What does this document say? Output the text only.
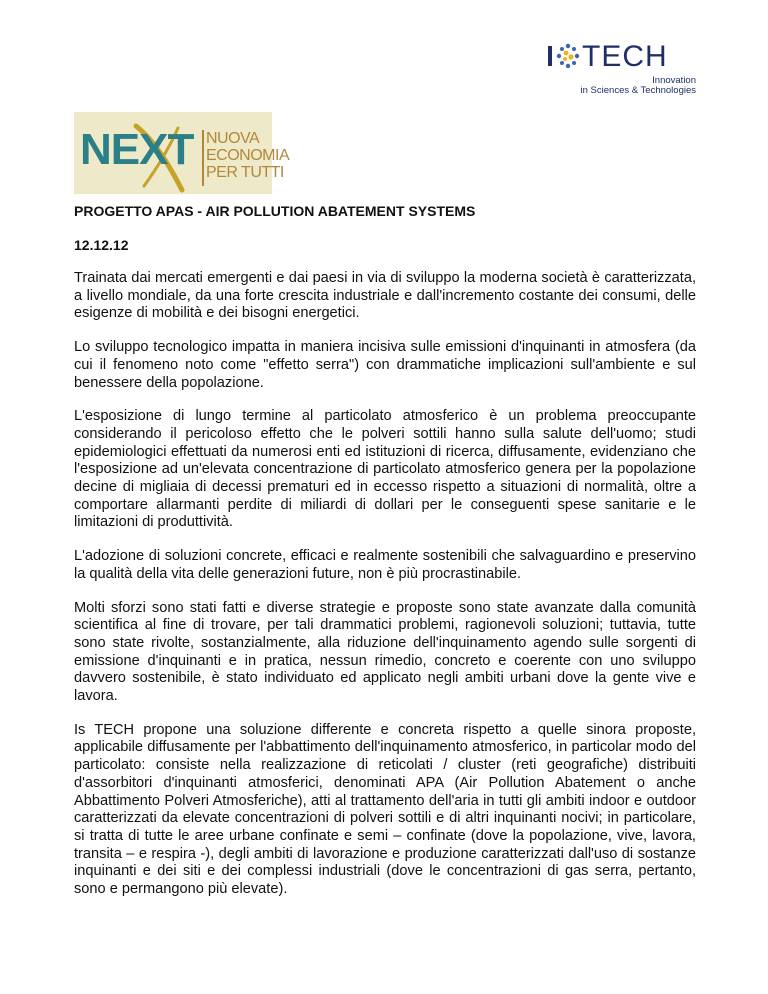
TECH
Innovation
in Sciences & Technologies
NEXT NUOVA
ECONOMIA
PER TUTTI

PROGETTO APAS - AIR POLLUTION ABATEMENT SYSTEMS

12.12.12

Trainata dai mercati emergenti e dai paesi in via di sviluppo la moderna società è caratterizzata, a livello mondiale, da una forte crescita industriale e dall'incremento costante dei consumi, delle esigenze di mobilità e dei bisogni energetici.

Lo sviluppo tecnologico impatta in maniera incisiva sulle emissioni d'inquinanti in atmosfera (da cui il fenomeno noto come "effetto serra") con drammatiche implicazioni sull'ambiente e sul benessere della popolazione.

L'esposizione di lungo termine al particolato atmosferico è un problema preoccupante considerando il pericoloso effetto che le polveri sottili hanno sulla salute dell'uomo; studi epidemiologici effettuati da numerosi enti ed istituzioni di ricerca, diffusamente, evidenziano che l'esposizione ad un'elevata concentrazione di particolato atmosferico genera per la popolazione decine di migliaia di decessi prematuri ed in eccesso rispetto a situazioni di normalità, oltre a comportare allarmanti perdite di miliardi di dollari per le conseguenti spese sanitarie e le limitazioni di produttività.

L'adozione di soluzioni concrete, efficaci e realmente sostenibili che salvaguardino e preservino la qualità della vita delle generazioni future, non è più procrastinabile.

Molti sforzi sono stati fatti e diverse strategie e proposte sono state avanzate dalla comunità scientifica al fine di trovare, per tali drammatici problemi, ragionevoli soluzioni; tuttavia, tutte sono state rivolte, sostanzialmente, alla riduzione dell'inquinamento agendo sulle sorgenti di emissione d'inquinanti e in pratica, nessun rimedio, concreto e coerente con uno sviluppo davvero sostenibile, è stato individuato ed applicato negli ambiti urbani dove la gente vive e lavora.

Is TECH propone una soluzione differente e concreta rispetto a quelle sinora proposte, applicabile diffusamente per l'abbattimento dell'inquinamento atmosferico, in particolar modo del particolato: consiste nella realizzazione di reticolati / cluster (reti geografiche) distribuiti d'assorbitori d'inquinanti atmosferici, denominati APA (Air Pollution Abatement o anche Abbattimento Polveri Atmosferiche), atti al trattamento dell'aria in tutti gli ambiti indoor e outdoor caratterizzati da elevate concentrazioni di polveri sottili e di altri inquinanti nocivi; in particolare, si tratta di tutte le aree urbane confinate e semi – confinate (dove la popolazione, vive, lavora, transita – e respira -), degli ambiti di lavorazione e produzione caratterizzati dall'uso di sostanze inquinanti e dei siti e dei complessi industriali (dove le concentrazioni di gas serra, pertanto, sono e permangono più elevate).
